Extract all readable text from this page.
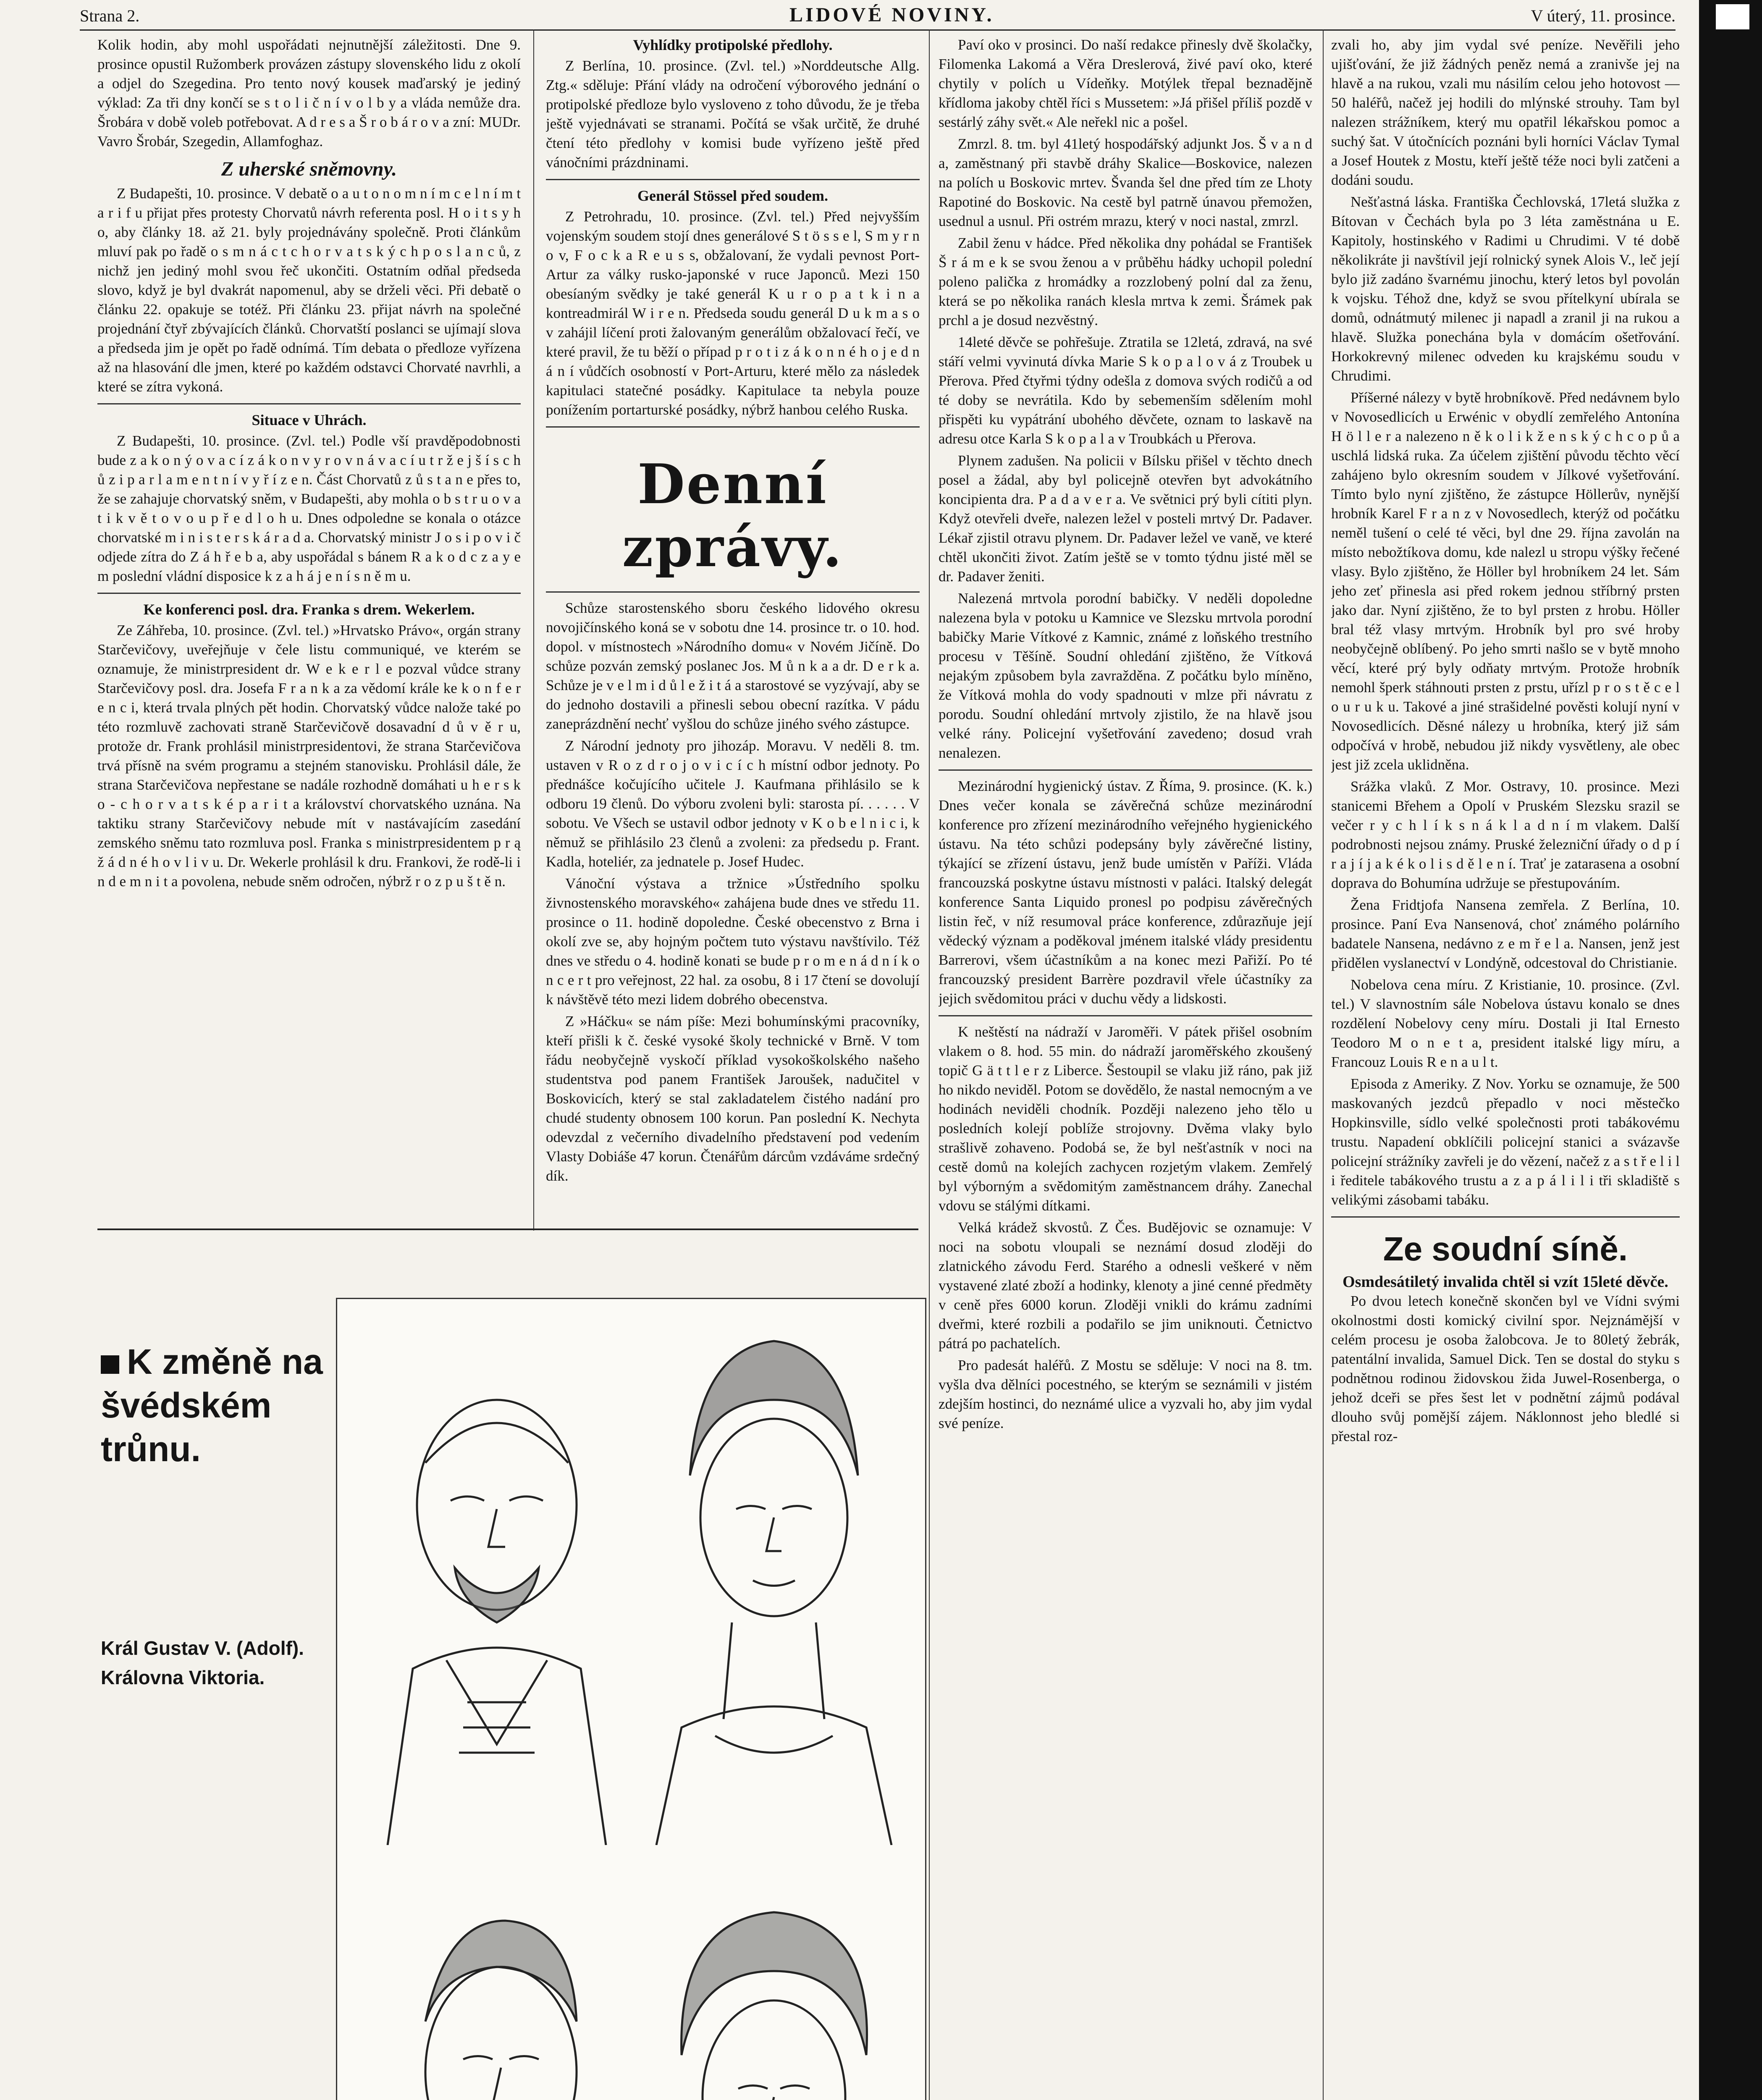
Strana 2.	LIDOVÉ NOVINY.	V úterý, 11. prosince.

Kolik hodin, aby mohl uspořádati nejnutnější záležitosti. Dne 9. prosince opustil Ružomberk provázen zástupy slovenského lidu z okolí a odjel do Szegedina. Pro tento nový kousek maďarský je jediný výklad: Za tři dny končí se s t o l i č n í v o l b y a vláda nemůže dra. Šrobára v době voleb potřebovat. A d r e s a Š r o b á r o v a zní: MUDr. Vavro Šrobár, Szegedin, Allamfoghaz.

Z uherské sněmovny.

Z Budapešti, 10. prosince. V debatě o a u t o n o m n í m c e l n í m t a r i f u přijat přes protesty Chorvatů návrh referenta posl. H o i t s y h o, aby články 18. až 21. byly projednávány společně. Proti článkům mluví pak po řadě o s m n á c t c h o r v a t s k ý c h p o s l a n c ů, z nichž jen jediný mohl svou řeč ukončiti. Ostatním odňal předseda slovo, když je byl dvakrát napomenul, aby se drželi věci. Při debatě o článku 22. opakuje se totéž. Při článku 23. přijat návrh na společné projednání čtyř zbývajících článků. Chorvatští poslanci se ujímají slova a předseda jim je opět po řadě odnímá. Tím debata o předloze vyřízena až na hlasování dle jmen, které po každém odstavci Chorvaté navrhli, a které se zítra vykoná.

Situace v Uhrách.

Z Budapešti, 10. prosince. (Zvl. tel.) Podle vší pravděpodobnosti bude z a k o n ý o v a c í z á k o n v y r o v n á v a c í u t r ž e j š í s c h ů z i p a r l a m e n t n í v y ř í z e n. Část Chorvatů z ů s t a n e přes to, že se zahajuje chorvatský sněm, v Budapešti, aby mohla o b s t r u o v a t i k v ě t o v o u p ř e d l o h u. Dnes odpoledne se konala o otázce chorvatské m i n i s t e r s k á r a d a. Chorvatský ministr J o s i p o v i č odjede zítra do Z á h ř e b a, aby uspořádal s bánem R a k o d c z a y e m poslední vládní disposice k z a h á j e n í s n ě m u.

Ke konferenci posl. dra. Franka s drem. Wekerlem.

Ze Záhřeba, 10. prosince. (Zvl. tel.) »Hrvatsko Právo«, orgán strany Starčevičovy, uveřejňuje v čele listu communiqué, ve kterém se oznamuje, že ministrpresident dr. W e k e r l e pozval vůdce strany Starčevičovy posl. dra. Josefa F r a n k a za vědomí krále ke k o n f e r e n c i, která trvala plných pět hodin. Chorvatský vůdce nalože také po této rozmluvě zachovati straně Starčevičově dosavadní d ů v ě r u, protože dr. Frank prohlásil ministrpresidentovi, že strana Starčevičova trvá přísně na svém programu a stejném stanovisku. Prohlásil dále, že strana Starčevičova nepřestane se nadále rozhodně domáhati u h e r s k o - c h o r v a t s k é p a r i t a království chorvatského uznána. Na taktiku strany Starčevičovy nebude mít v nastávajícím zasedání zemského sněmu tato rozmluva posl. Franka s ministrpresidentem p r ą ž á d n é h o v l i v u. Dr. Wekerle prohlásil k dru. Frankovi, že rodě-li i n d e m n i t a povolena, nebude sněm odročen, nýbrž r o z p u š t ě n.

Vyhlídky protipolské předlohy.

Z Berlína, 10. prosince. (Zvl. tel.) »Norddeutsche Allg. Ztg.« sděluje: Přání vlády na odročení výborového jednání o protipolské předloze bylo vysloveno z toho důvodu, že je třeba ještě vyjednávati se stranami. Počítá se však určitě, že druhé čtení této předlohy v komisi bude vyřízeno ještě před vánočními prázdninami.

Generál Stössel před soudem.

Z Petrohradu, 10. prosince. (Zvl. tel.) Před nejvyšším vojenským soudem stojí dnes generálové S t ö s s e l, S m y r n o v, F o c k a R e u s s, obžalovaní, že vydali pevnost Port-Artur za války rusko-japonské v ruce Japonců. Mezi 150 obesíaným svědky je také generál K u r o p a t k i n a kontreadmirál W i r e n. Předseda soudu generál D u k m a s o v zahájil líčení proti žalovaným generálům obžalovací řečí, ve které pravil, že tu běží o případ p r o t i z á k o n n é h o j e d n á n í vůdčích osobností v Port-Arturu, které mělo za následek kapitulaci statečné posádky. Kapitulace ta nebyla pouze ponížením portarturské posádky, nýbrž hanbou celého Ruska.

Denní zprávy.

Schůze starostenského sboru českého lidového okresu novojičínského koná se v sobotu dne 14. prosince tr. o 10. hod. dopol. v místnostech »Národního domu« v Novém Jičíně. Do schůze pozván zemský poslanec Jos. M ů n k a a dr. D e r k a. Schůze je v e l m i d ů l e ž i t á a starostové se vyzývají, aby se do jednoho dostavili a přinesli sebou obecní razítka. V pádu zaneprázdnění nechť vyšlou do schůze jiného svého zástupce.

Z Národní jednoty pro jihozáp. Moravu. V neděli 8. tm. ustaven v R o z d r o j o v i c í c h místní odbor jednoty. Po přednášce kočujícího učitele J. Kaufmana přihlásilo se k odboru 19 členů. Do výboru zvoleni byli: starosta pí. . . . . . V sobotu. Ve Všech se ustavil odbor jednoty v K o b e l n i c i, k němuž se přihlásilo 23 členů a zvoleni: za předsedu p. Frant. Kadla, hoteliér, za jednatele p. Josef Hudec.

Vánoční výstava a tržnice »Ústředního spolku živnostenského moravského« zahájena bude dnes ve středu 11. prosince o 11. hodině dopoledne. České obecenstvo z Brna i okolí zve se, aby hojným počtem tuto výstavu navštívilo. Též dnes ve středu o 4. hodině konati se bude p r o m e n á d n í k o n c e r t pro veřejnost, 22 hal. za osobu, 8 i 17 čtení se dovolují k návštěvě této mezi lidem dobrého obecenstva.

Z »Háčku« se nám píše: Mezi bohumínskými pracovníky, kteří přišli k č. české vysoké školy technické v Brně. V tom řádu neobyčejně vyskočí příklad vysokoškolského našeho studentstva pod panem František Jaroušek, nadučitel v Boskovicích, který se stal zakladatelem čistého nadání pro chudé studenty obnosem 100 korun. Pan poslední K. Nechyta odevzdal z večerního divadelního představení pod vedením Vlasty Dobiáše 47 korun. Čtenářům dárcům vzdáváme srdečný dík.

Paví oko v prosinci. Do naší redakce přinesly dvě školačky, Filomenka Lakomá a Věra Dreslerová, živé paví oko, které chytily v polích u Vídeňky. Motýlek třepal beznadějně křídloma jakoby chtěl říci s Mussetem: »Já přišel příliš pozdě v sestárlý záhy svět.« Ale neřekl nic a pošel.

Zmrzl. 8. tm. byl 41letý hospodářský adjunkt Jos. Š v a n d a, zaměstnaný při stavbě dráhy Skalice—Boskovice, nalezen na polích u Boskovic mrtev. Švanda šel dne před tím ze Lhoty Rapotiné do Boskovic. Na cestě byl patrně únavou přemožen, usednul a usnul. Při ostrém mrazu, který v noci nastal, zmrzl.

Zabil ženu v hádce. Před několika dny pohádal se František Š r á m e k se svou ženou a v průběhu hádky uchopil polední poleno palička z hromádky a rozzlobený polní dal za ženu, která se po několika ranách klesla mrtva k zemi. Šrámek pak prchl a je dosud nezvěstný.

14leté děvče se pohřešuje. Ztratila se 12letá, zdravá, na své stáří velmi vyvinutá dívka Marie S k o p a l o v á z Troubek u Přerova. Před čtyřmi týdny odešla z domova svých rodičů a od té doby se nevrátila. Kdo by sebemenším sdělením mohl přispěti ku vypátrání ubohého děvčete, oznam to laskavě na adresu otce Karla S k o p a l a v Troubkách u Přerova.

Plynem zadušen. Na policii v Bílsku přišel v těchto dnech posel a žádal, aby byl policejně otevřen byt advokátního koncipienta dra. P a d a v e r a. Ve světnici prý byli cítiti plyn. Když otevřeli dveře, nalezen ležel v posteli mrtvý Dr. Padaver. Lékař zjistil otravu plynem. Dr. Padaver ležel ve vaně, ve které chtěl ukončiti život. Zatím ještě se v tomto týdnu jisté měl se dr. Padaver ženiti.

Nalezená mrtvola porodní babičky. V neděli dopoledne nalezena byla v potoku u Kamnice ve Slezsku mrtvola porodní babičky Marie Vítkové z Kamnic, známé z loňského trestního procesu v Těšíně. Soudní ohledání zjištěno, že Vítková nejakým způsobem byla zavražděna. Z počátku bylo míněno, že Vítková mohla do vody spadnouti v mlze při návratu z porodu. Soudní ohledání mrtvoly zjistilo, že na hlavě jsou velké rány. Policejní vyšetřování zavedeno; dosud vrah nenalezen.

Mezinárodní hygienický ústav. Z Říma, 9. prosince. (K. k.) Dnes večer konala se závěrečná schůze mezinárodní konference pro zřízení mezinárodního veřejného hygienického ústavu. Na této schůzi podepsány byly závěrečné listiny, týkající se zřízení ústavu, jenž bude umístěn v Paříži. Vláda francouzská poskytne ústavu místnosti v paláci. Italský delegát konference Santa Liquido pronesl po podpisu závěrečných listin řeč, v níž resumoval práce konference, zdůrazňuje její vědecký význam a poděkoval jménem italské vlády presidentu Barrerovi, všem účastníkům a na konec mezi Pařiží. Po té francouzský president Barrère pozdravil vřele účastníky za jejich svědomitou práci v duchu vědy a lidskosti.

K neštěstí na nádraží v Jaroměři. V pátek přišel osobním vlakem o 8. hod. 55 min. do nádraží jaroměřského zkoušený topič G ä t t l e r z Liberce. Šestoupil se vlaku již ráno, pak již ho nikdo neviděl. Potom se dovědělo, že nastal nemocným a ve hodinách neviděli chodník. Později nalezeno jeho tělo u posledních kolejí poblíže strojovny. Dvěma vlaky bylo strašlivě zohaveno. Podobá se, že byl nešťastník v noci na cestě domů na kolejích zachycen rozjetým vlakem. Zemřelý byl výborným a svědomitým zaměstnancem dráhy. Zanechal vdovu se stálými dítkami.

Velká krádež skvostů. Z Čes. Budějovic se oznamuje: V noci na sobotu vloupali se neznámí dosud zloději do zlatnického závodu Ferd. Starého a odnesli veškeré v něm vystavené zlaté zboží a hodinky, klenoty a jiné cenné předměty v ceně přes 6000 korun. Zloději vnikli do krámu zadními dveřmi, které rozbili a podařilo se jim uniknouti. Četnictvo pátrá po pachatelích.

Pro padesát haléřů. Z Mostu se sděluje: V noci na 8. tm. vyšla dva dělníci pocestného, se kterým se seznámili v jistém zdejším hostinci, do neznámé ulice a vyzvali ho, aby jim vydal své peníze.

zvali ho, aby jim vydal své peníze. Nevěřili jeho ujišťování, že již žádných peněz nemá a zranivše jej na hlavě a na rukou, vzali mu násilím celou jeho hotovost — 50 haléřů, načež jej hodili do mlýnské strouhy. Tam byl nalezen strážníkem, který mu opatřil lékařskou pomoc a suchý šat. V útočnících poznáni byli horníci Václav Tymal a Josef Houtek z Mostu, kteří ještě téže noci byli zatčeni a dodáni soudu.

Nešťastná láska. Františka Čechlovská, 17letá služka z Bítovan v Čechách byla po 3 léta zaměstnána u E. Kapitoly, hostinského v Radimi u Chrudimi. V té době několikráte ji navštívil její rolnický synek Alois V., leč její bylo již zadáno švarnému jinochu, který letos byl povolán k vojsku. Téhož dne, když se svou přítelkyní ubírala se domů, odnátmutý milenec ji napadl a zranil ji na rukou a hlavě. Služka ponechána byla v domácím ošetřování. Horkokrevný milenec odveden ku krajskému soudu v Chrudimi.

Příšerné nálezy v bytě hrobníkově. Před nedávnem bylo v Novosedlicích u Erwénic v obydlí zemřelého Antonína H ö l l e r a nalezeno n ě k o l i k ž e n s k ý c h c o p ů a uschlá lidská ruka. Za účelem zjištění původu těchto věcí zahájeno bylo okresním soudem v Jílkové vyšetřování. Tímto bylo nyní zjištěno, že zástupce Höllerův, nynější hrobník Karel F r a n z v Novosedlech, kterýž od počátku neměl tušení o celé té věci, byl dne 29. října zavolán na místo nebožtíkova domu, kde nalezl u stropu výšky řečené vlasy. Bylo zjištěno, že Höller byl hrobníkem 24 let. Sám jeho zeť přinesla asi před rokem jednou stříbrný prsten jako dar. Nyní zjištěno, že to byl prsten z hrobu. Höller bral též vlasy mrtvým. Hrobník byl pro své hroby neobyčejně oblíbený. Po jeho smrti našlo se v bytě mnoho věcí, které prý byly odňaty mrtvým. Protože hrobník nemohl šperk stáhnouti prsten z prstu, uřízl p r o s t ě c e l o u r u k u. Takové a jiné strašidelné pověsti kolují nyní v Novosedlicích. Děsné nálezy u hrobníka, který již sám odpočívá v hrobě, nebudou již nikdy vysvětleny, ale obec jest již zcela uklidněna.

Srážka vlaků. Z Mor. Ostravy, 10. prosince. Mezi stanicemi Břehem a Opolí v Pruském Slezsku srazil se večer r y c h l í k s n á k l a d n í m vlakem. Další podrobnosti nejsou známy. Pruské železniční úřady o d p í r a j í j a k é k o l i s d ě l e n í. Trať je zatarasena a osobní doprava do Bohumína udržuje se přestupováním.

Žena Fridtjofa Nansena zemřela. Z Berlína, 10. prosince. Paní Eva Nansenová, choť známého polárního badatele Nansena, nedávno z e m ř e l a. Nansen, jenž jest přidělen vyslanectví v Londýně, odcestoval do Christianie.

Nobelova cena míru. Z Kristianie, 10. prosince. (Zvl. tel.) V slavnostním sále Nobelova ústavu konalo se dnes rozdělení Nobelovy ceny míru. Dostali ji Ital Ernesto Teodoro M o n e t a, president italské ligy míru, a Francouz Louis R e n a u l t.

Episoda z Ameriky. Z Nov. Yorku se oznamuje, že 500 maskovaných jezdců přepadlo v noci městečko Hopkinsville, sídlo velké společnosti proti tabákovému trustu. Napadení obklíčili policejní stanici a svázavše policejní strážníky zavřeli je do vězení, načež z a s t ř e l i l i ředitele tabákového trustu a z a p á l i l i tři skladiště s velikými zásobami tabáku.

Ze soudní síně.
Osmdesátiletý invalida chtěl si vzít 15leté děvče.

Po dvou letech konečně skončen byl ve Vídni svými okolnostmi dosti komický civilní spor. Nejznámější v celém procesu je osoba žalobcova. Je to 80letý žebrák, patentální invalida, Samuel Dick. Ten se dostal do styku s podnětnou rodinou židovskou žida Juwel-Rosenberga, o jehož dceři se přes šest let v podnětní zájmů podával dlouho svůj pomější zájem. Náklonnost jeho bledlé si přestal roz-

K změně na
švédském trůnu.
Král Gustav V. (Adolf).
Královna Viktoria.
